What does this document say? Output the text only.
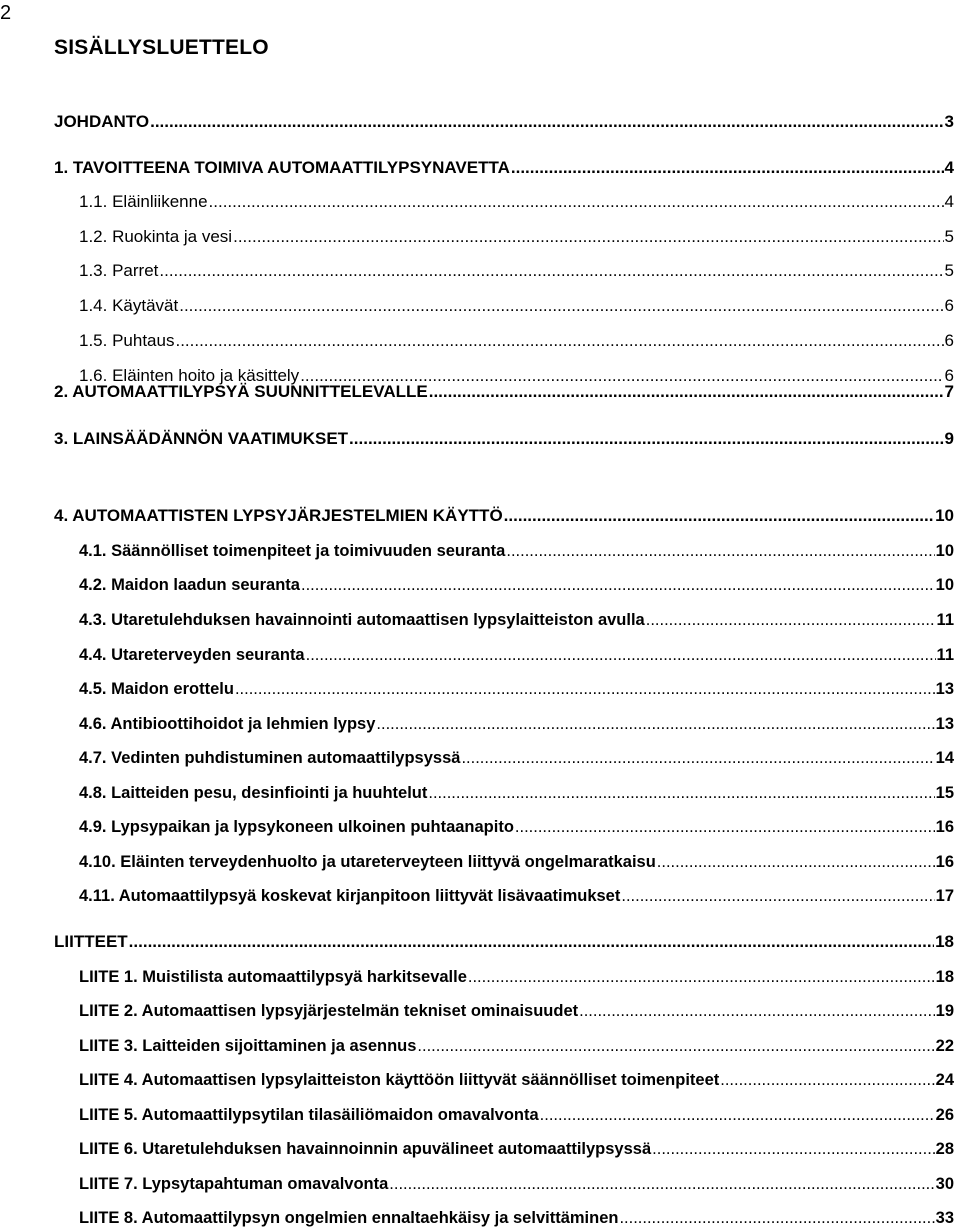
2
SISÄLLYSLUETTELO
JOHDANTO .....	3
1. TAVOITTEENA TOIMIVA AUTOMAATTILYPSYNAVETTA .....	4
1.1. Eläinliikenne .....	4
1.2. Ruokinta ja vesi .....	5
1.3. Parret .....	5
1.4. Käytävät .....	6
1.5. Puhtaus .....	6
1.6. Eläinten hoito ja käsittely .....	6
2. AUTOMAATTILYPSYÄ SUUNNITTELEVALLE .....	7
3. LAINSÄÄDÄNNÖN VAATIMUKSET .....	9
4. AUTOMAATTISTEN LYPSYJÄRJESTELMIEN KÄYTTÖ .....	10
4.1. Säännölliset toimenpiteet ja toimivuuden seuranta .....	10
4.2. Maidon laadun seuranta .....	10
4.3. Utaretulehduksen havainnointi automaattisen lypsylaitteiston avulla .....	11
4.4. Utareterveyden seuranta .....	11
4.5. Maidon erottelu .....	13
4.6. Antibioottihoidot ja lehmien lypsy .....	13
4.7. Vedinten puhdistuminen automaattilypsyssä .....	14
4.8. Laitteiden pesu, desinfiointi ja huuhtelut .....	15
4.9. Lypsypaikan ja lypsykoneen ulkoinen puhtaanapito .....	16
4.10. Eläinten terveydenhuolto ja utareterveyteen liittyvä ongelmaratkaisu .....	16
4.11. Automaattilypsyä koskevat kirjanpitoon liittyvät lisävaatimukset .....	17
LIITTEET .....	18
LIITE 1. Muistilista automaattilypsyä harkitsevalle .....	18
LIITE 2. Automaattisen lypsyjärjestelmän tekniset ominaisuudet .....	19
LIITE 3. Laitteiden sijoittaminen ja asennus .....	22
LIITE 4. Automaattisen lypsylaitteiston käyttöön liittyvät säännölliset toimenpiteet .....	24
LIITE 5. Automaattilypsytilan tilasäiliömaidon omavalvonta .....	26
LIITE 6. Utaretulehduksen havainnoinnin apuvälineet automaattilypsyssä .....	28
LIITE 7. Lypsytapahtuman omavalvonta .....	30
LIITE 8. Automaattilypsyn ongelmien ennaltaehkäisy ja selvittäminen .....	33
